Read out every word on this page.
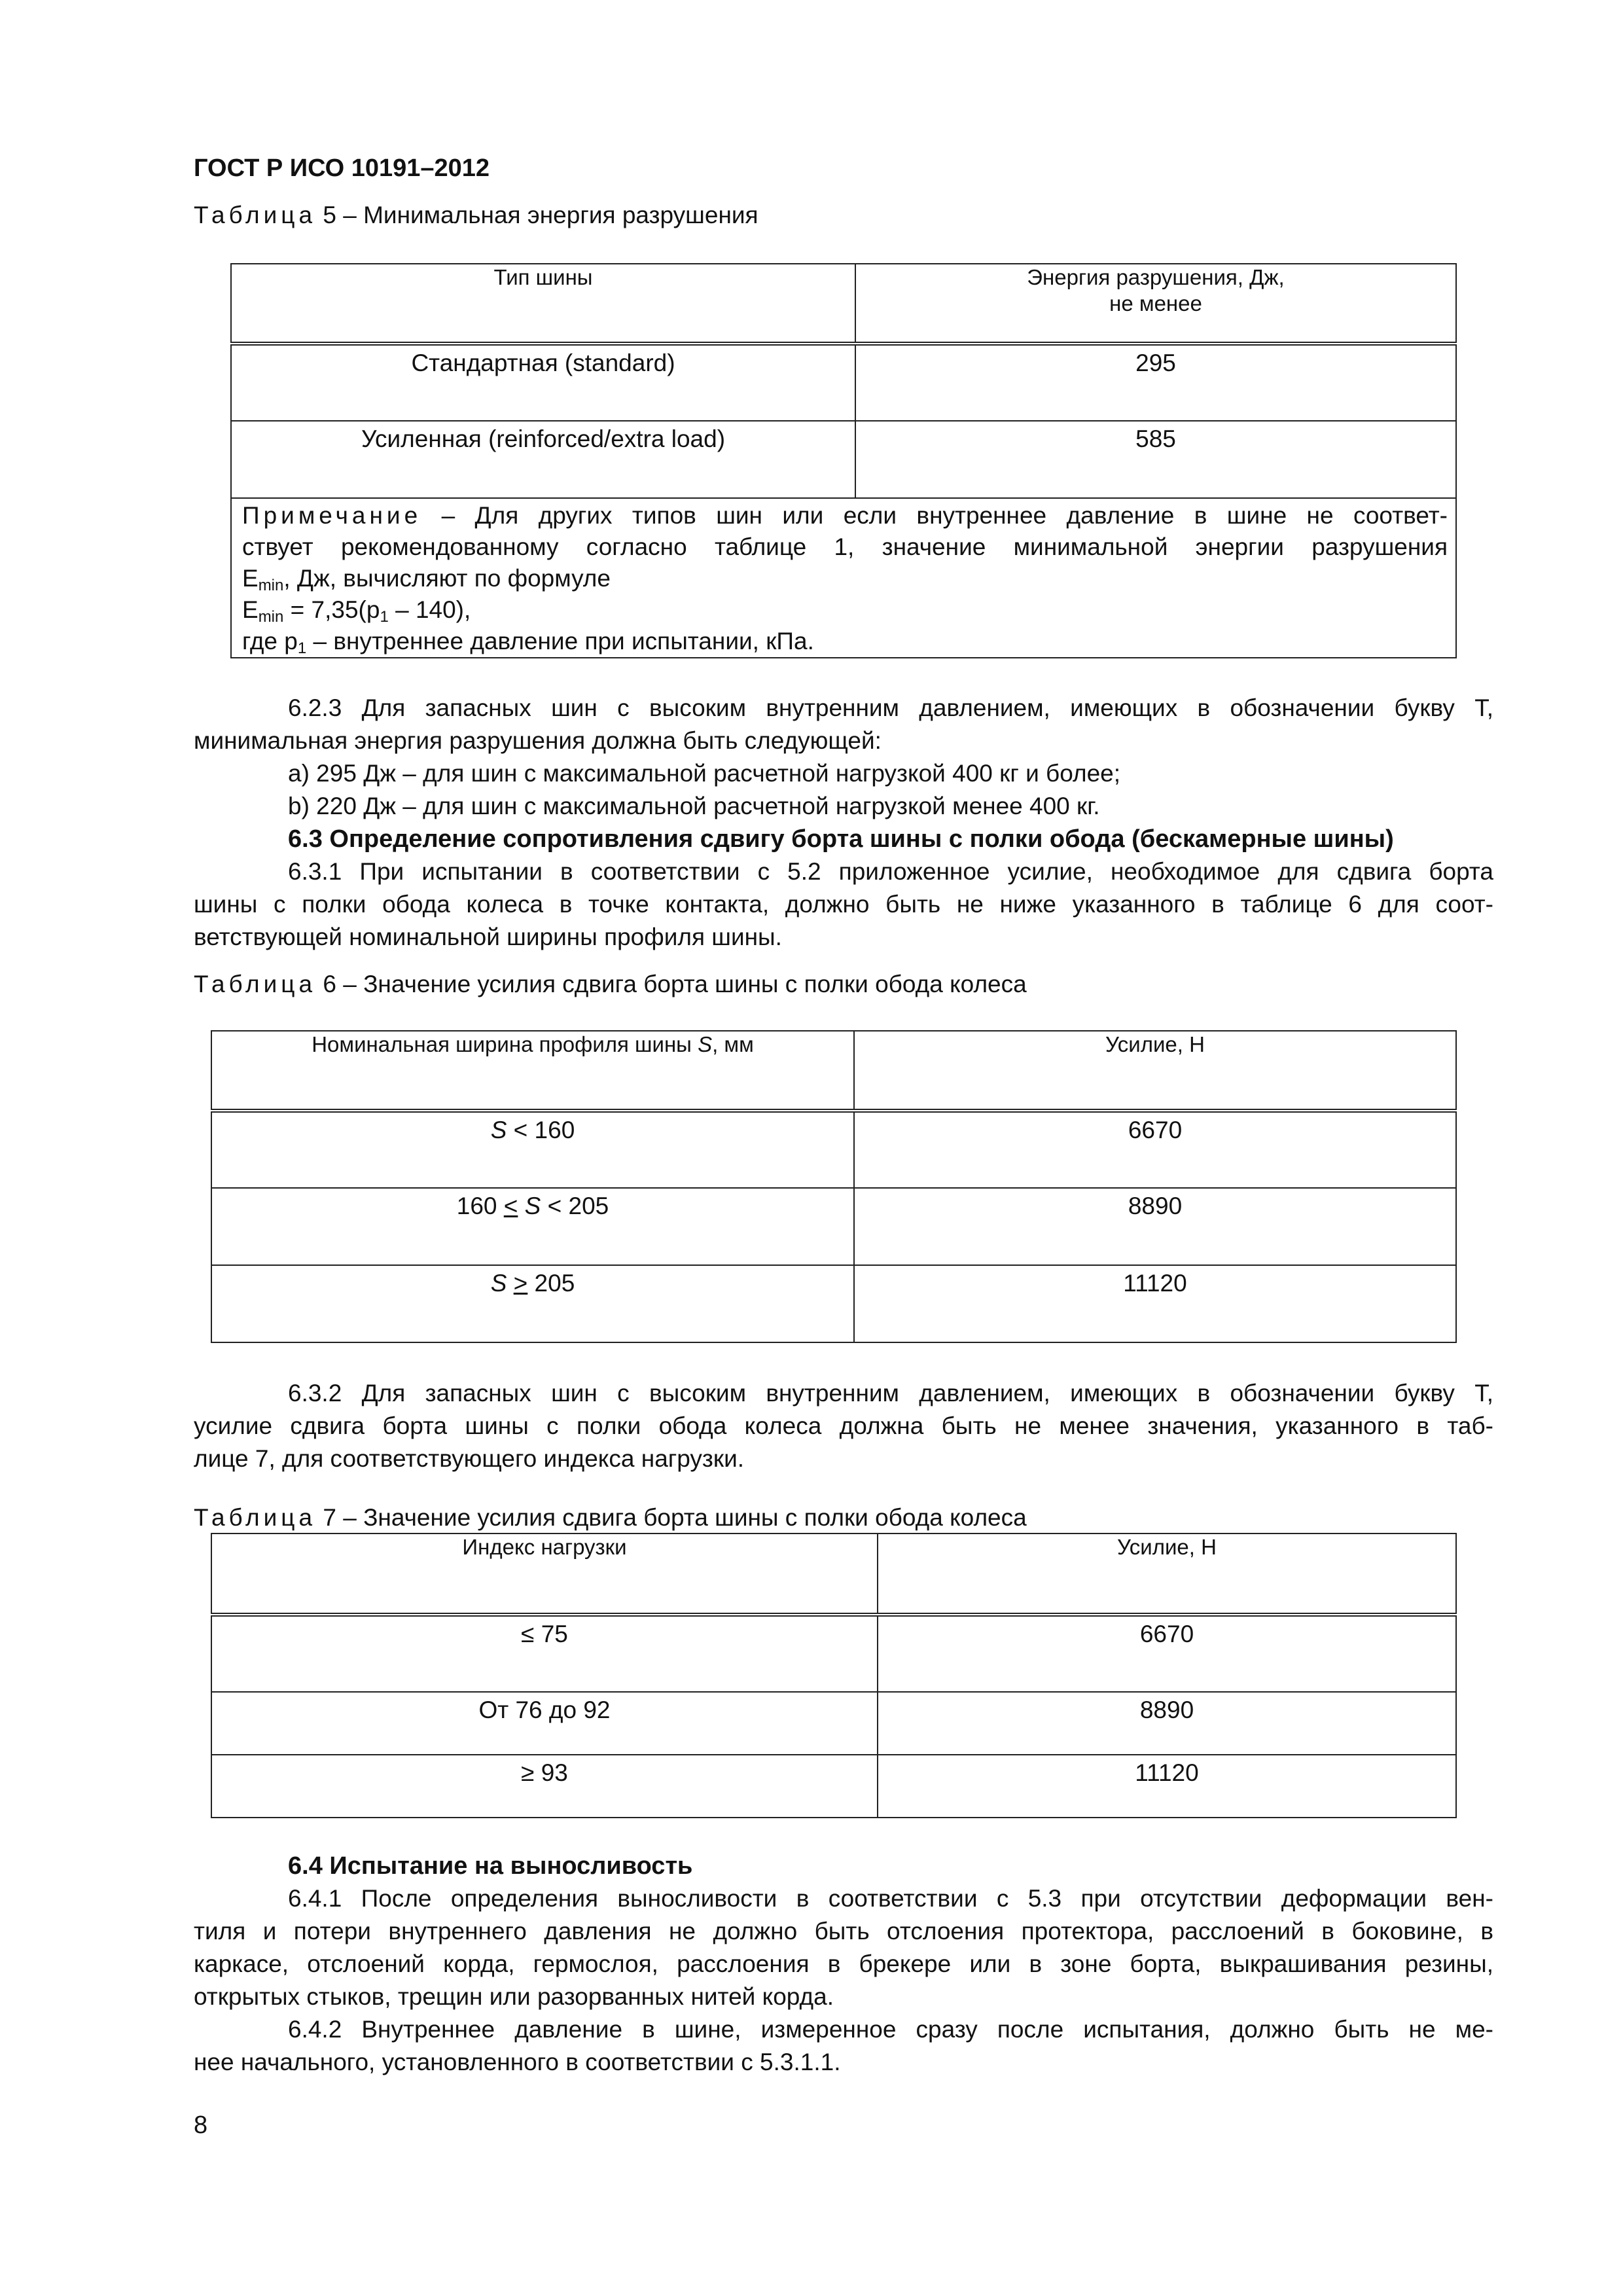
ГОСТ Р ИСО 10191–2012
Таблица 5 – Минимальная энергия разрушения
Тип шины	Энергия разрушения, Дж,
не менее

Стандартная (standard)	295
Усиленная (reinforced/extra load)	585

Примечание – Для других типов шин или если внутреннее давление в шине не соответ-
ствует рекомендованному согласно таблице 1, значение минимальной энергии разрушения
$E_{min}$, Дж, вычисляют по формуле
$E_{min} = 7,35(p_1 - 140)$,
где $p_1$ – внутреннее давление при испытании, кПа.	
6.2.3 Для запасных шин с высоким внутренним давлением, имеющих в обозначении букву Т,
минимальная энергия разрушения должна быть следующей:
a) 295 Дж – для шин с максимальной расчетной нагрузкой 400 кг и более;
b) 220 Дж – для шин с максимальной расчетной нагрузкой менее 400 кг.
6.3 Определение сопротивления сдвигу борта шины с полки обода (бескамерные шины)
6.3.1 При испытании в соответствии с 5.2 приложенное усилие, необходимое для сдвига борта
шины с полки обода колеса в точке контакта, должно быть не ниже указанного в таблице 6 для соот-
ветствующей номинальной ширины профиля шины.
Таблица 6 – Значение усилия сдвига борта шины с полки обода колеса
Номинальная ширина профиля шины S, мм	Усилие, Н
S < 160	6670
160 ≤ S < 205	8890
S ≥ 205	11120
6.3.2 Для запасных шин с высоким внутренним давлением, имеющих в обозначении букву Т,
усилие сдвига борта шины с полки обода колеса должна быть не менее значения, указанного в таб-
лице 7, для соответствующего индекса нагрузки.
Таблица 7 – Значение усилия сдвига борта шины с полки обода колеса
Индекс нагрузки	Усилие, Н
≤ 75	6670
От 76 до 92	8890
≥ 93	11120
6.4 Испытание на выносливость
6.4.1 После определения выносливости в соответствии с 5.3 при отсутствии деформации вен-
тиля и потери внутреннего давления не должно быть отслоения протектора, расслоений в боковине, в
каркасе, отслоений корда, гермослоя, расслоения в брекере или в зоне борта, выкрашивания резины,
открытых стыков, трещин или разорванных нитей корда.
6.4.2 Внутреннее давление в шине, измеренное сразу после испытания, должно быть не ме-
нее начального, установленного в соответствии с 5.3.1.1.
8
